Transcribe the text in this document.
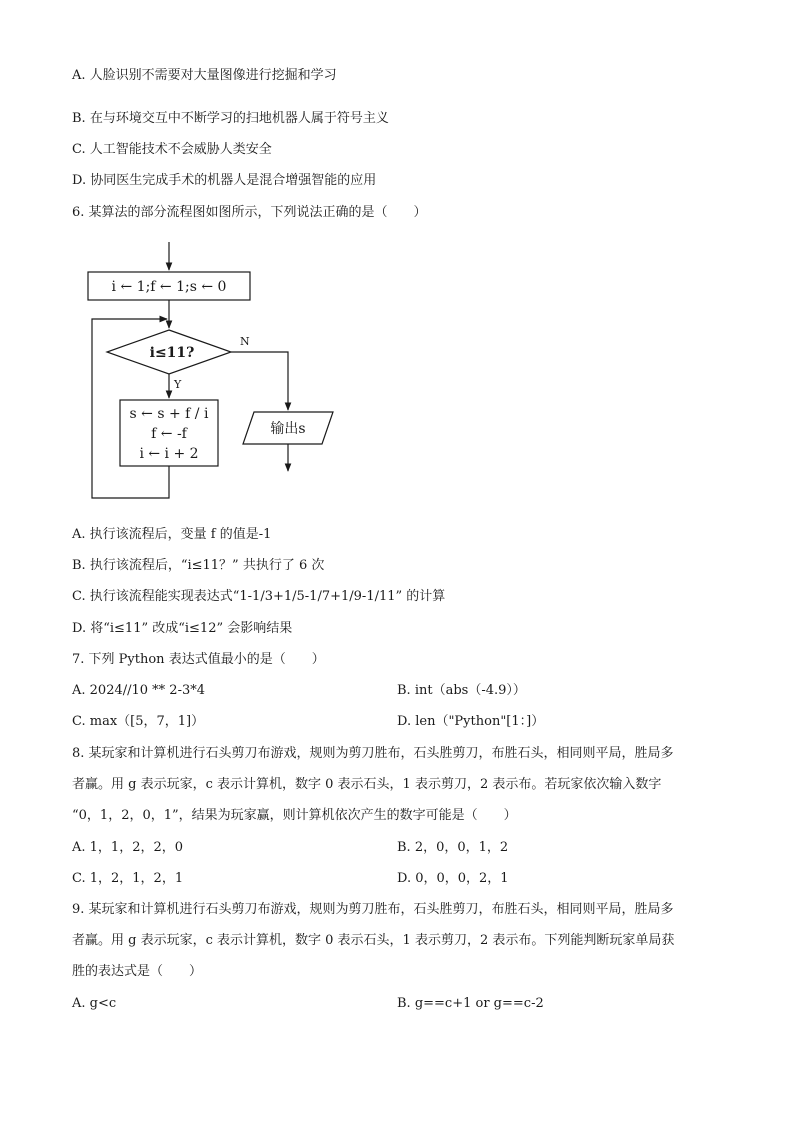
A. 人脸识别不需要对大量图像进行挖掘和学习
B. 在与环境交互中不断学习的扫地机器人属于符号主义
C. 人工智能技术不会威胁人类安全
D. 协同医生完成手术的机器人是混合增强智能的应用
6. 某算法的部分流程图如图所示，下列说法正确的是（　　）
i ← 1;f ← 1;s ← 0
i≤11?
Y
s ← s + f / i
f ← -f
i ← i + 2
N
输出s
A. 执行该流程后，变量 f 的值是-1
B. 执行该流程后，“i≤11？” 共执行了 6 次
C. 执行该流程能实现表达式“1-1/3+1/5-1/7+1/9-1/11” 的计算
D. 将“i≤11” 改成“i≤12” 会影响结果
7. 下列 Python 表达式值最小的是（　　）
A. 2024//10 ** 2-3*4	B. int（abs（-4.9））
C. max（[5，7，1]）	D. len（"Python"[1：]）
8. 某玩家和计算机进行石头剪刀布游戏，规则为剪刀胜布，石头胜剪刀，布胜石头，相同则平局，胜局多
者赢。用 g 表示玩家，c 表示计算机，数字 0 表示石头，1 表示剪刀，2 表示布。若玩家依次输入数字
“0，1，2，0，1”，结果为玩家赢，则计算机依次产生的数字可能是（　　）
A. 1，1，2，2，0	B. 2，0，0，1，2
C. 1，2，1，2，1	D. 0，0，0，2，1
9. 某玩家和计算机进行石头剪刀布游戏，规则为剪刀胜布，石头胜剪刀，布胜石头，相同则平局，胜局多
者赢。用 g 表示玩家，c 表示计算机，数字 0 表示石头，1 表示剪刀，2 表示布。下列能判断玩家单局获
胜的表达式是（　　）
A. g<c	B. g==c+1 or g==c-2
